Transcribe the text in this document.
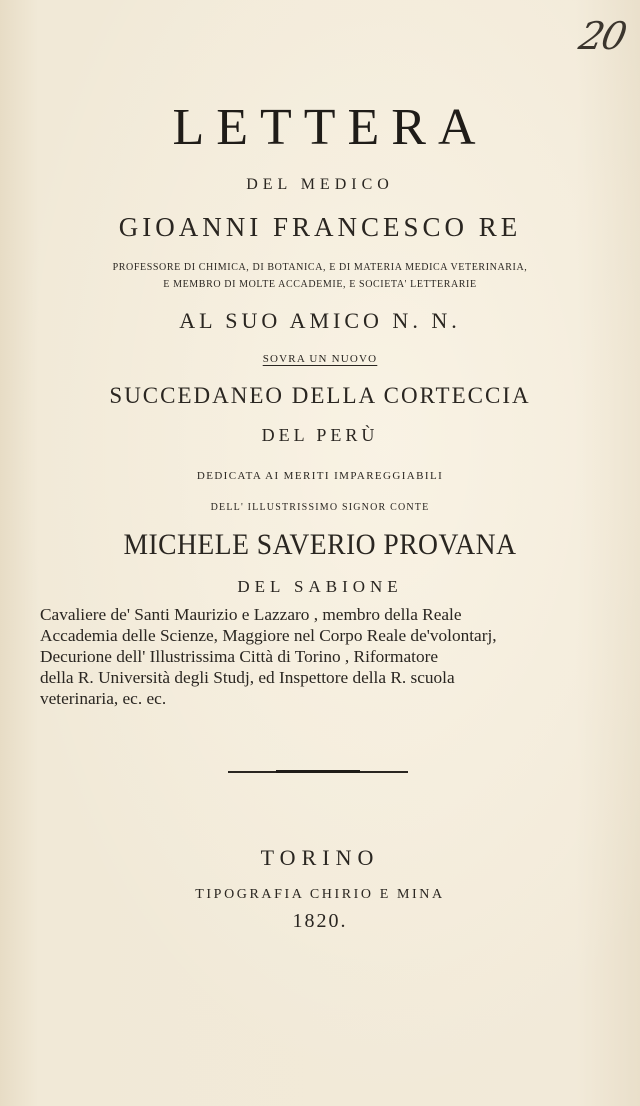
20
LETTERA
DEL MEDICO
GIOANNI FRANCESCO RE
PROFESSORE DI CHIMICA, DI BOTANICA, E DI MATERIA MEDICA VETERINARIA,
E MEMBRO DI MOLTE ACCADEMIE, E SOCIETA' LETTERARIE
AL SUO AMICO N. N.
SOVRA UN NUOVO
SUCCEDANEO DELLA CORTECCIA
DEL PERÙ
DEDICATA AI MERITI IMPAREGGIABILI
DELL' ILLUSTRISSIMO SIGNOR CONTE
MICHELE SAVERIO PROVANA
DEL SABIONE
Cavaliere de' Santi Maurizio e Lazzaro , membro della Reale
Accademia delle Scienze, Maggiore nel Corpo Reale de'volontarj,
Decurione dell' Illustrissima Città di Torino , Riformatore
della R. Università degli Studj, ed Inspettore della R. scuola
veterinaria, ec. ec.
TORINO
TIPOGRAFIA CHIRIO E MINA
1820.
